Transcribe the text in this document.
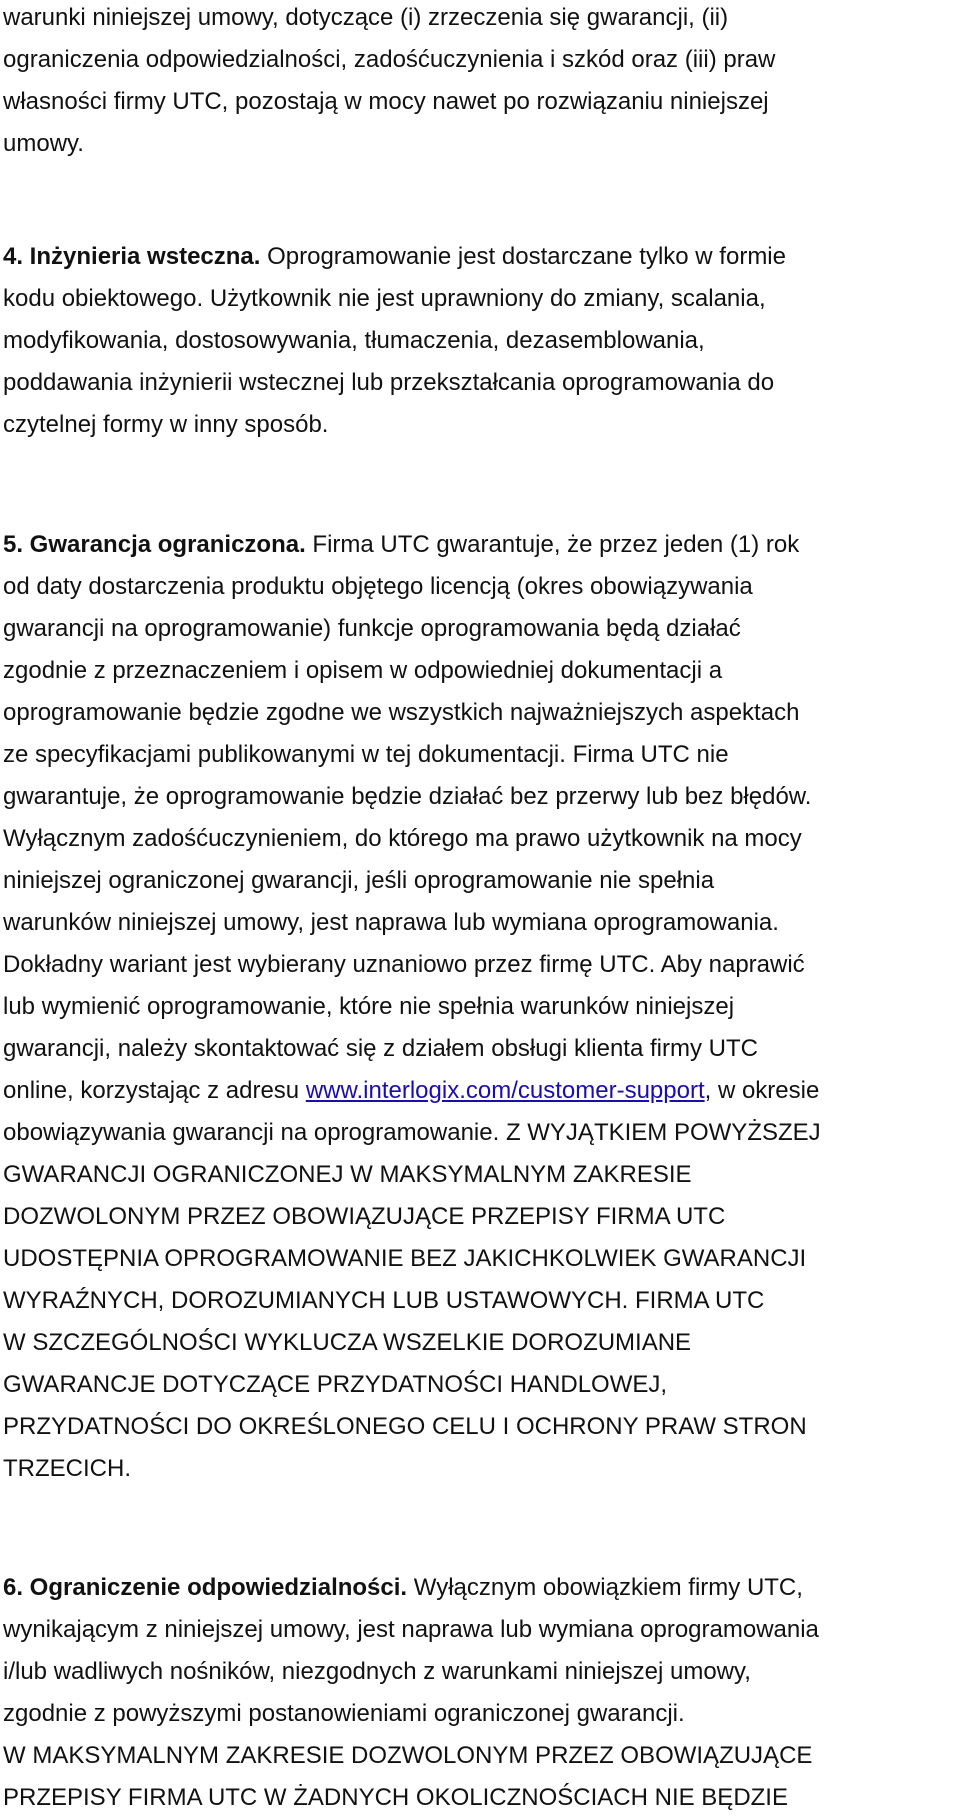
warunki niniejszej umowy, dotyczące (i) zrzeczenia się gwarancji, (ii)
ograniczenia odpowiedzialności, zadośćuczynienia i szkód oraz (iii) praw
własności firmy UTC, pozostają w mocy nawet po rozwiązaniu niniejszej
umowy.
4. Inżynieria wsteczna. Oprogramowanie jest dostarczane tylko w formie
kodu obiektowego. Użytkownik nie jest uprawniony do zmiany, scalania,
modyfikowania, dostosowywania, tłumaczenia, dezasemblowania,
poddawania inżynierii wstecznej lub przekształcania oprogramowania do
czytelnej formy w inny sposób.
5. Gwarancja ograniczona. Firma UTC gwarantuje, że przez jeden (1) rok
od daty dostarczenia produktu objętego licencją (okres obowiązywania
gwarancji na oprogramowanie) funkcje oprogramowania będą działać
zgodnie z przeznaczeniem i opisem w odpowiedniej dokumentacji a
oprogramowanie będzie zgodne we wszystkich najważniejszych aspektach
ze specyfikacjami publikowanymi w tej dokumentacji. Firma UTC nie
gwarantuje, że oprogramowanie będzie działać bez przerwy lub bez błędów.
Wyłącznym zadośćuczynieniem, do którego ma prawo użytkownik na mocy
niniejszej ograniczonej gwarancji, jeśli oprogramowanie nie spełnia
warunków niniejszej umowy, jest naprawa lub wymiana oprogramowania.
Dokładny wariant jest wybierany uznaniowo przez firmę UTC. Aby naprawić
lub wymienić oprogramowanie, które nie spełnia warunków niniejszej
gwarancji, należy skontaktować się z działem obsługi klienta firmy UTC
online, korzystając z adresu www.interlogix.com/customer-support, w okresie
obowiązywania gwarancji na oprogramowanie. Z WYJĄTKIEM POWYŻSZEJ
GWARANCJI OGRANICZONEJ W MAKSYMALNYM ZAKRESIE
DOZWOLONYM PRZEZ OBOWIĄZUJĄCE PRZEPISY FIRMA UTC
UDOSTĘPNIA OPROGRAMOWANIE BEZ JAKICHKOLWIEK GWARANCJI
WYRAŹNYCH, DOROZUMIANYCH LUB USTAWOWYCH. FIRMA UTC
W SZCZEGÓLNOŚCI WYKLUCZA WSZELKIE DOROZUMIANE
GWARANCJE DOTYCZĄCE PRZYDATNOŚCI HANDLOWEJ,
PRZYDATNOŚCI DO OKREŚLONEGO CELU I OCHRONY PRAW STRON
TRZECICH.
6. Ograniczenie odpowiedzialności. Wyłącznym obowiązkiem firmy UTC,
wynikającym z niniejszej umowy, jest naprawa lub wymiana oprogramowania
i/lub wadliwych nośników, niezgodnych z warunkami niniejszej umowy,
zgodnie z powyższymi postanowieniami ograniczonej gwarancji.
W MAKSYMALNYM ZAKRESIE DOZWOLONYM PRZEZ OBOWIĄZUJĄCE
PRZEPISY FIRMA UTC W ŻADNYCH OKOLICZNOŚCIACH NIE BĘDZIE
